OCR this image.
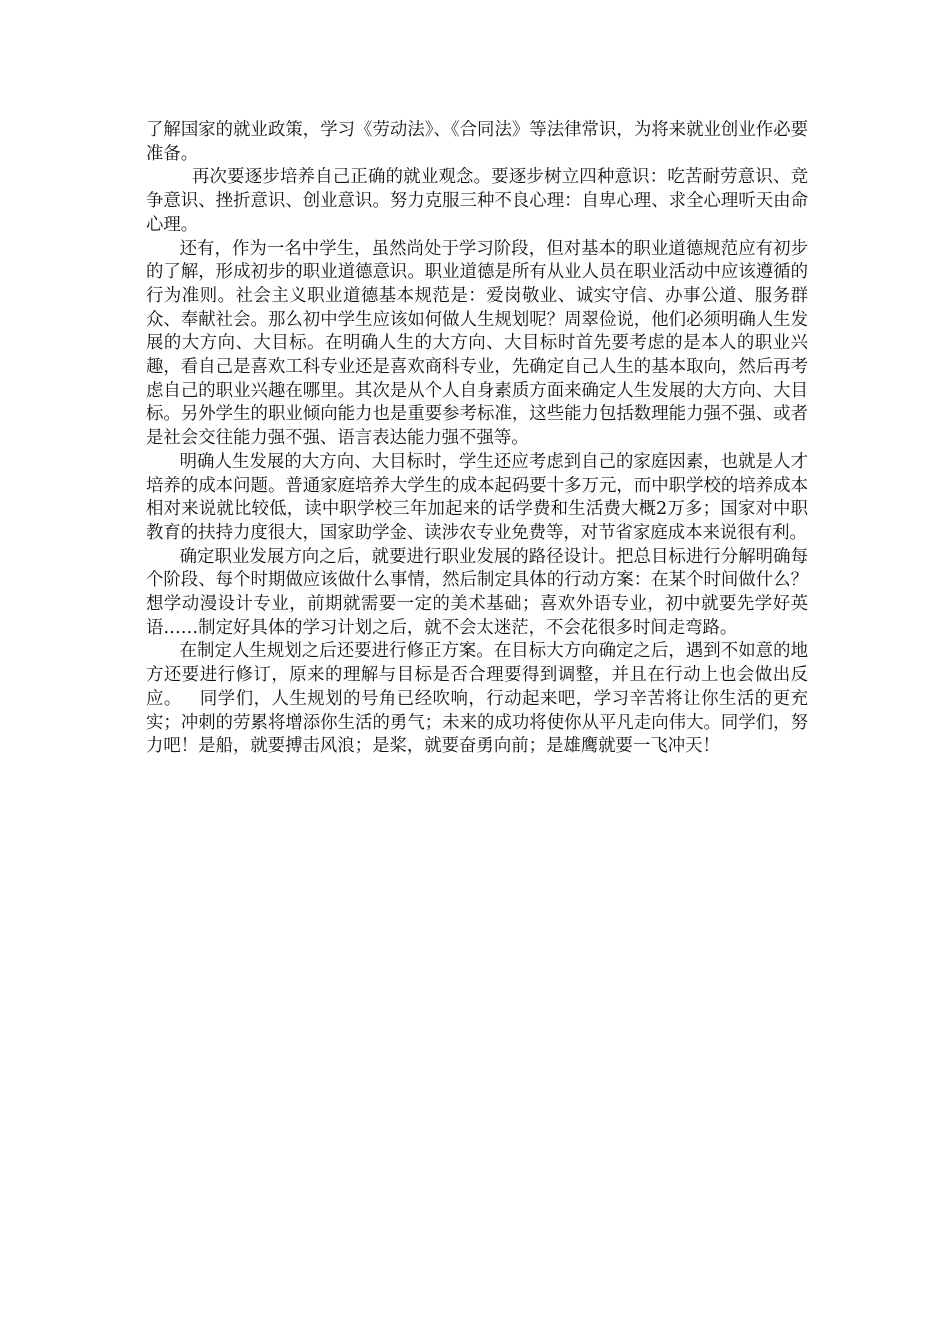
了解国家的就业政策，学习《劳动法》、《合同法》等法律常识，为将来就业创业作必要准备。

再次要逐步培养自己正确的就业观念。要逐步树立四种意识：吃苦耐劳意识、竞争意识、挫折意识、创业意识。努力克服三种不良心理：自卑心理、求全心理听天由命心理。

还有，作为一名中学生，虽然尚处于学习阶段，但对基本的职业道德规范应有初步的了解，形成初步的职业道德意识。职业道德是所有从业人员在职业活动中应该遵循的行为准则。社会主义职业道德基本规范是：爱岗敬业、诚实守信、办事公道、服务群众、奉献社会。那么初中学生应该如何做人生规划呢？周翠俭说，他们必须明确人生发展的大方向、大目标。在明确人生的大方向、大目标时首先要考虑的是本人的职业兴趣，看自己是喜欢工科专业还是喜欢商科专业，先确定自己人生的基本取向，然后再考虑自己的职业兴趣在哪里。其次是从个人自身素质方面来确定人生发展的大方向、大目标。另外学生的职业倾向能力也是重要参考标准，这些能力包括数理能力强不强、或者是社会交往能力强不强、语言表达能力强不强等。

明确人生发展的大方向、大目标时，学生还应考虑到自己的家庭因素，也就是人才培养的成本问题。普通家庭培养大学生的成本起码要十多万元，而中职学校的培养成本相对来说就比较低，读中职学校三年加起来的话学费和生活费大概2万多；国家对中职教育的扶持力度很大，国家助学金、读涉农专业免费等，对节省家庭成本来说很有利。

确定职业发展方向之后，就要进行职业发展的路径设计。把总目标进行分解明确每个阶段、每个时期做应该做什么事情，然后制定具体的行动方案：在某个时间做什么？想学动漫设计专业，前期就需要一定的美术基础；喜欢外语专业，初中就要先学好英语……制定好具体的学习计划之后，就不会太迷茫，不会花很多时间走弯路。

在制定人生规划之后还要进行修正方案。在目标大方向确定之后，遇到不如意的地方还要进行修订，原来的理解与目标是否合理要得到调整，并且在行动上也会做出反应。   同学们，人生规划的号角已经吹响，行动起来吧，学习辛苦将让你生活的更充实；冲刺的劳累将增添你生活的勇气；未来的成功将使你从平凡走向伟大。同学们，努力吧！是船，就要搏击风浪；是桨，就要奋勇向前；是雄鹰就要一飞冲天！
